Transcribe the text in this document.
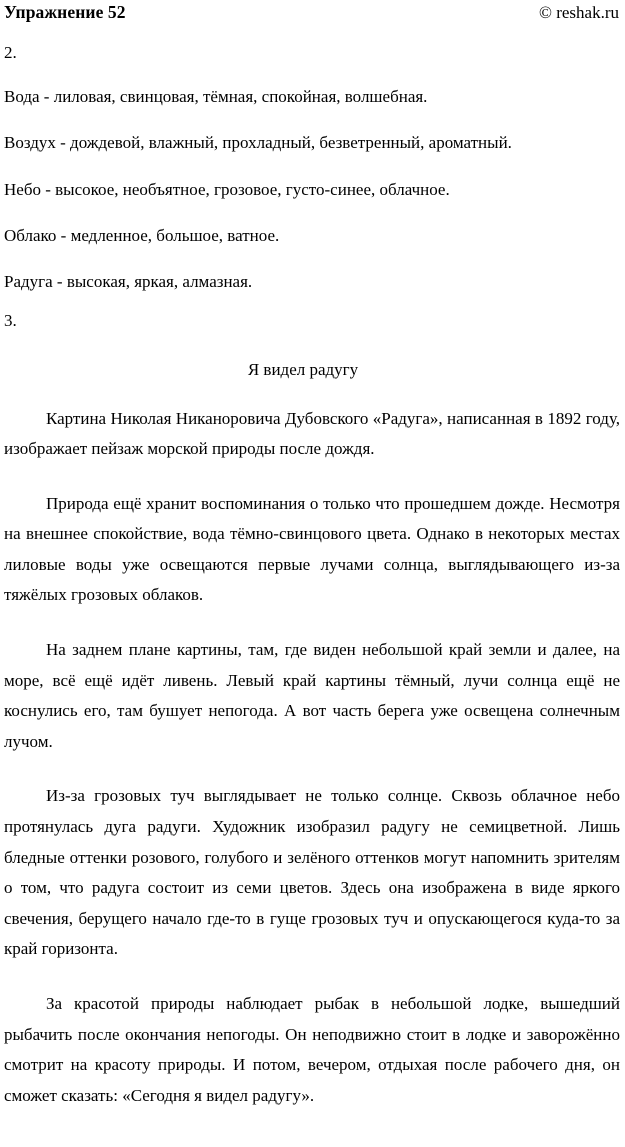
Упражнение 52	© reshak.ru
2.
Вода - лиловая, свинцовая, тёмная, спокойная, волшебная.
Воздух - дождевой, влажный, прохладный, безветренный, ароматный.
Небо - высокое, необъятное, грозовое, густо-синее, облачное.
Облако - медленное, большое, ватное.
Радуга - высокая, яркая, алмазная.
3.
Я видел радугу
Картина Николая Никаноровича Дубовского «Радуга», написанная в 1892 году, изображает пейзаж морской природы после дождя.
Природа ещё хранит воспоминания о только что прошедшем дожде. Несмотря на внешнее спокойствие, вода тёмно-свинцового цвета. Однако в некоторых местах лиловые воды уже освещаются первые лучами солнца, выглядывающего из-за тяжёлых грозовых облаков.
На заднем плане картины, там, где виден небольшой край земли и далее, на море, всё ещё идёт ливень. Левый край картины тёмный, лучи солнца ещё не коснулись его, там бушует непогода. А вот часть берега уже освещена солнечным лучом.
Из-за грозовых туч выглядывает не только солнце. Сквозь облачное небо протянулась дуга радуги. Художник изобразил радугу не семицветной. Лишь бледные оттенки розового, голубого и зелёного оттенков могут напомнить зрителям о том, что радуга состоит из семи цветов. Здесь она изображена в виде яркого свечения, берущего начало где-то в гуще грозовых туч и опускающегося куда-то за край горизонта.
За красотой природы наблюдает рыбак в небольшой лодке, вышедший рыбачить после окончания непогоды. Он неподвижно стоит в лодке и заворожённо смотрит на красоту природы. И потом, вечером, отдыхая после рабочего дня, он сможет сказать: «Сегодня я видел радугу».
